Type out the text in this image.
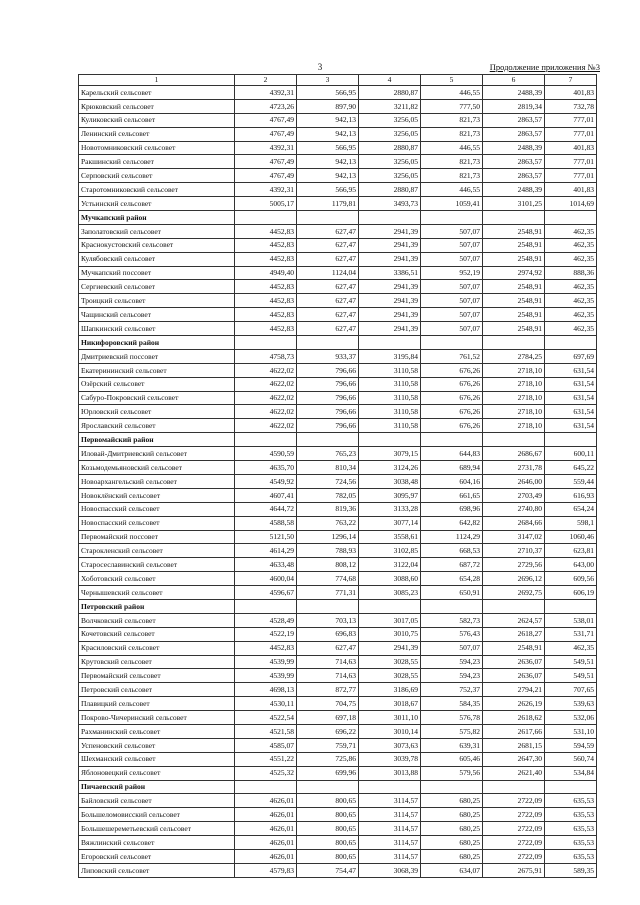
3	Продолжение приложения №3
1	2	3	4	5	6	7
Карельский сельсовет	4392,31	566,95	2880,87	446,55	2488,39	401,83
Крюковский сельсовет	4723,26	897,90	3211,82	777,50	2819,34	732,78
Куликовский сельсовет	4767,49	942,13	3256,05	821,73	2863,57	777,01
Ленинский сельсовет	4767,49	942,13	3256,05	821,73	2863,57	777,01
Новотомниковский сельсовет	4392,31	566,95	2880,87	446,55	2488,39	401,83
Ракшинский сельсовет	4767,49	942,13	3256,05	821,73	2863,57	777,01
Серповский сельсовет	4767,49	942,13	3256,05	821,73	2863,57	777,01
Старотомниковский сельсовет	4392,31	566,95	2880,87	446,55	2488,39	401,83
Устьинский сельсовет	5005,17	1179,81	3493,73	1059,41	3101,25	1014,69
Мучкапский район						
Заполатовский сельсовет	4452,83	627,47	2941,39	507,07	2548,91	462,35
Краснокустовский сельсовет	4452,83	627,47	2941,39	507,07	2548,91	462,35
Кулябовский сельсовет	4452,83	627,47	2941,39	507,07	2548,91	462,35
Мучкапский поссовет	4949,40	1124,04	3386,51	952,19	2974,92	888,36
Сергиевский сельсовет	4452,83	627,47	2941,39	507,07	2548,91	462,35
Троицкий сельсовет	4452,83	627,47	2941,39	507,07	2548,91	462,35
Чащинский сельсовет	4452,83	627,47	2941,39	507,07	2548,91	462,35
Шапкинский сельсовет	4452,83	627,47	2941,39	507,07	2548,91	462,35
Никифоровский район						
Дмитриевский поссовет	4758,73	933,37	3195,84	761,52	2784,25	697,69
Екатерининский сельсовет	4622,02	796,66	3110,58	676,26	2718,10	631,54
Озёрский сельсовет	4622,02	796,66	3110,58	676,26	2718,10	631,54
Сабуро-Покровский сельсовет	4622,02	796,66	3110,58	676,26	2718,10	631,54
Юрловский сельсовет	4622,02	796,66	3110,58	676,26	2718,10	631,54
Ярославский сельсовет	4622,02	796,66	3110,58	676,26	2718,10	631,54
Первомайский район						
Иловай-Дмитриевский сельсовет	4590,59	765,23	3079,15	644,83	2686,67	600,11
Козьмодемьяновский сельсовет	4635,70	810,34	3124,26	689,94	2731,78	645,22
Новоархангельский сельсовет	4549,92	724,56	3038,48	604,16	2646,00	559,44
Новоклёнский сельсовет	4607,41	782,05	3095,97	661,65	2703,49	616,93
Новоспасский сельсовет	4644,72	819,36	3133,28	698,96	2740,80	654,24
Новоспасский сельсовет	4588,58	763,22	3077,14	642,82	2684,66	598,1
Первомайский поссовет	5121,50	1296,14	3558,61	1124,29	3147,02	1060,46
Старокленский сельсовет	4614,29	788,93	3102,85	668,53	2710,37	623,81
Старосеславинский сельсовет	4633,48	808,12	3122,04	687,72	2729,56	643,00
Хоботовский сельсовет	4600,04	774,68	3088,60	654,28	2696,12	609,56
Чернышевский сельсовет	4596,67	771,31	3085,23	650,91	2692,75	606,19
Петровский район						
Волчковский сельсовет	4528,49	703,13	3017,05	582,73	2624,57	538,01
Кочетовский сельсовет	4522,19	696,83	3010,75	576,43	2618,27	531,71
Красиловский сельсовет	4452,83	627,47	2941,39	507,07	2548,91	462,35
Крутовский сельсовет	4539,99	714,63	3028,55	594,23	2636,07	549,51
Первомайский сельсовет	4539,99	714,63	3028,55	594,23	2636,07	549,51
Петровский сельсовет	4698,13	872,77	3186,69	752,37	2794,21	707,65
Плавицкий сельсовет	4530,11	704,75	3018,67	584,35	2626,19	539,63
Покрово-Чичеринский сельсовет	4522,54	697,18	3011,10	576,78	2618,62	532,06
Рахманинский сельсовет	4521,58	696,22	3010,14	575,82	2617,66	531,10
Успеновский сельсовет	4585,07	759,71	3073,63	639,31	2681,15	594,59
Шехманский сельсовет	4551,22	725,86	3039,78	605,46	2647,30	560,74
Яблоновецкий сельсовет	4525,32	699,96	3013,88	579,56	2621,40	534,84
Пичаевский район						
Байловский сельсовет	4626,01	800,65	3114,57	680,25	2722,09	635,53
Большеломовисский сельсовет	4626,01	800,65	3114,57	680,25	2722,09	635,53
Большешереметьевский сельсовет	4626,01	800,65	3114,57	680,25	2722,09	635,53
Вяжлинский сельсовет	4626,01	800,65	3114,57	680,25	2722,09	635,53
Егоровский сельсовет	4626,01	800,65	3114,57	680,25	2722,09	635,53
Липовский сельсовет	4579,83	754,47	3068,39	634,07	2675,91	589,35
